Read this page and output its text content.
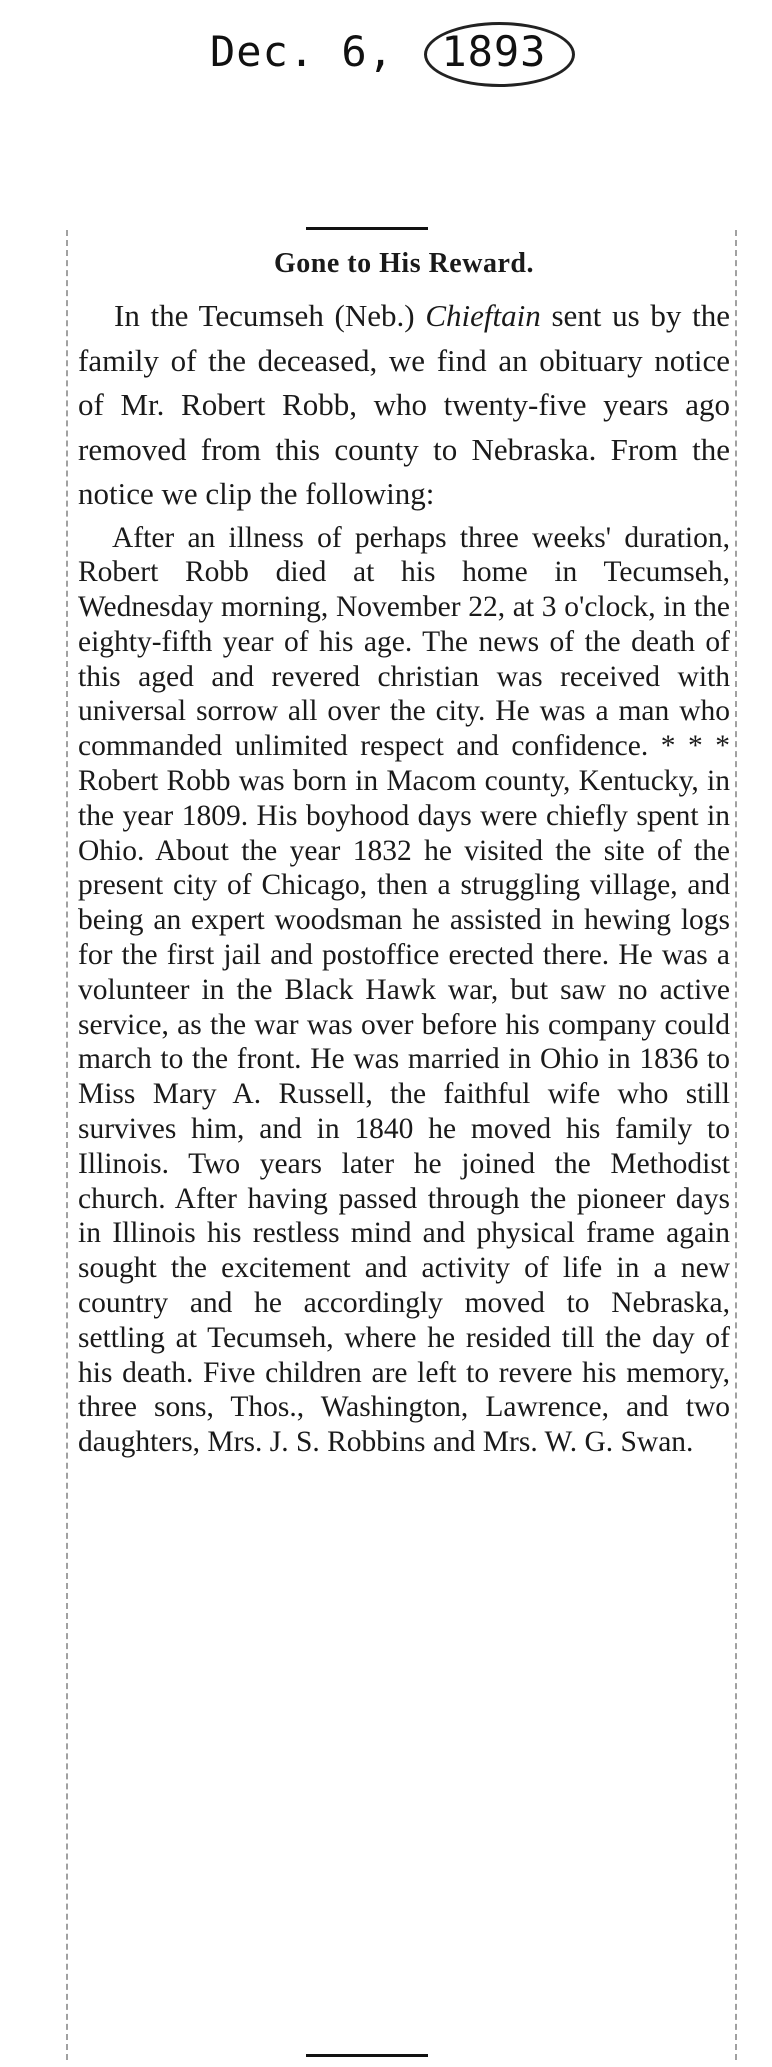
Dec. 6, 1893
Gone to His Reward.

In the Tecumseh (Neb.) Chieftain sent us by the family of the deceased, we find an obituary notice of Mr. Robert Robb, who twenty-five years ago removed from this county to Nebraska. From the notice we clip the following:

After an illness of perhaps three weeks' duration, Robert Robb died at his home in Tecumseh, Wednesday morning, November 22, at 3 o'clock, in the eighty-fifth year of his age. The news of the death of this aged and revered christian was received with universal sorrow all over the city. He was a man who commanded unlimited respect and confidence. * * * Robert Robb was born in Macom county, Kentucky, in the year 1809. His boyhood days were chiefly spent in Ohio. About the year 1832 he visited the site of the present city of Chicago, then a struggling village, and being an expert woodsman he assisted in hewing logs for the first jail and postoffice erected there. He was a volunteer in the Black Hawk war, but saw no active service, as the war was over before his company could march to the front. He was married in Ohio in 1836 to Miss Mary A. Russell, the faithful wife who still survives him, and in 1840 he moved his family to Illinois. Two years later he joined the Methodist church. After having passed through the pioneer days in Illinois his restless mind and physical frame again sought the excitement and activity of life in a new country and he accordingly moved to Nebraska, settling at Tecumseh, where he resided till the day of his death. Five children are left to revere his memory, three sons, Thos., Washington, Lawrence, and two daughters, Mrs. J. S. Robbins and Mrs. W. G. Swan.
